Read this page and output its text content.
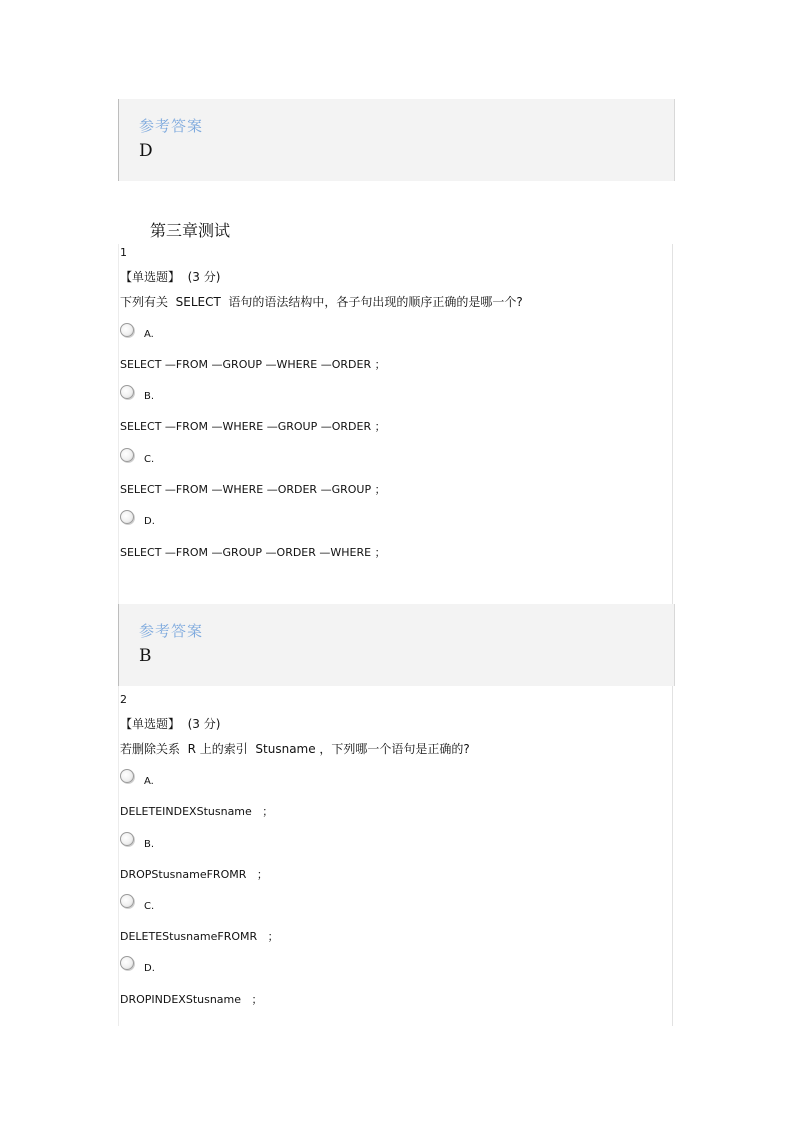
参考答案
D
第三章测试
1
【单选题】  (3 分)
下列有关  SELECT  语句的语法结构中，各子句出现的顺序正确的是哪一个?
A.
SELECT —FROM —GROUP —WHERE —ORDER ；
B.
SELECT —FROM —WHERE —GROUP —ORDER ；
C.
SELECT —FROM —WHERE —ORDER —GROUP ；
D.
SELECT —FROM —GROUP —ORDER —WHERE ；
参考答案
B
2
【单选题】  (3 分)
若删除关系  R 上的索引  Stusname ，下列哪一个语句是正确的?
A.
DELETEINDEXStusname   ；
B.
DROPStusnameFROMR   ；
C.
DELETEStusnameFROMR   ；
D.
DROPINDEXStusname   ；
